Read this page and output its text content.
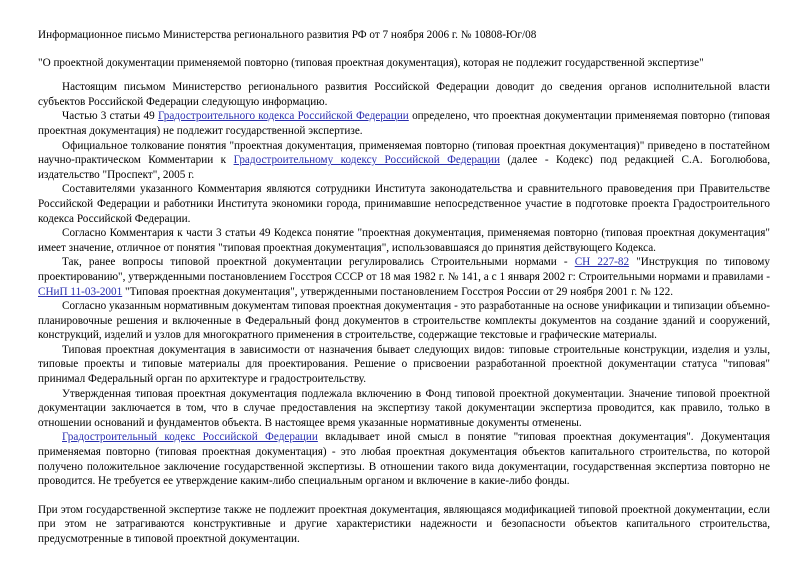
Информационное письмо Министерства регионального развития РФ от 7 ноября 2006 г. № 10808-Юг/08
"О проектной документации применяемой повторно (типовая проектная документация), которая не подлежит государственной экспертизе"

Настоящим письмом Министерство регионального развития Российской Федерации доводит до сведения органов исполнительной власти субъектов Российской Федерации следующую информацию.

Частью 3 статьи 49 Градостроительного кодекса Российской Федерации определено, что проектная документации применяемая повторно (типовая проектная документация) не подлежит государственной экспертизе.

Официальное толкование понятия "проектная документация, применяемая повторно (типовая проектная документация)" приведено в постатейном научно-практическом Комментарии к Градостроительному кодексу Российской Федерации (далее - Кодекс) под редакцией С.А. Боголюбова, издательство "Проспект", 2005 г.

Составителями указанного Комментария являются сотрудники Института законодательства и сравнительного правоведения при Правительстве Российской Федерации и работники Института экономики города, принимавшие непосредственное участие в подготовке проекта Градостроительного кодекса Российской Федерации.

Согласно Комментария к части 3 статьи 49 Кодекса понятие "проектная документация, применяемая повторно (типовая проектная документация" имеет значение, отличное от понятия "типовая проектная документация", использовавшаяся до принятия действующего Кодекса.

Так, ранее вопросы типовой проектной документации регулировались Строительными нормами - СН 227-82 "Инструкция по типовому проектированию", утвержденными постановлением Госстроя СССР от 18 мая 1982 г. № 141, а с 1 января 2002 г: Строительными нормами и правилами - СНиП 11-03-2001 "Типовая проектная документация", утвержденными постановлением Госстроя России от 29 ноября 2001 г. № 122.

Согласно указанным нормативным документам типовая проектная документация - это разработанные на основе унификации и типизации объемно-планировочные решения и включенные в Федеральный фонд документов в строительстве комплекты документов на создание зданий и сооружений, конструкций, изделий и узлов для многократного применения в строительстве, содержащие текстовые и графические материалы.

Типовая проектная документация в зависимости от назначения бывает следующих видов: типовые строительные конструкции, изделия и узлы, типовые проекты и типовые материалы для проектирования. Решение о присвоении разработанной проектной документации статуса "типовая" принимал Федеральный орган по архитектуре и градостроительству.

Утвержденная типовая проектная документация подлежала включению в Фонд типовой проектной документации. Значение типовой проектной документации заключается в том, что в случае предоставления на экспертизу такой документации экспертиза проводится, как правило, только в отношении оснований и фундаментов объекта. В настоящее время указанные нормативные документы отменены.

Градостроительный кодекс Российской Федерации вкладывает иной смысл в понятие "типовая проектная документация". Документация применяемая повторно (типовая проектная документация) - это любая проектная документация объектов капитального строительства, по которой получено положительное заключение государственной экспертизы. В отношении такого вида документации, государственная экспертиза повторно не проводится. Не требуется ее утверждение каким-либо специальным органом и включение в какие-либо фонды.

При этом государственной экспертизе также не подлежит проектная документация, являющаяся модификацией типовой проектной документации, если при этом не затрагиваются конструктивные и другие характеристики надежности и безопасности объектов капитального строительства, предусмотренные в типовой проектной документации.
